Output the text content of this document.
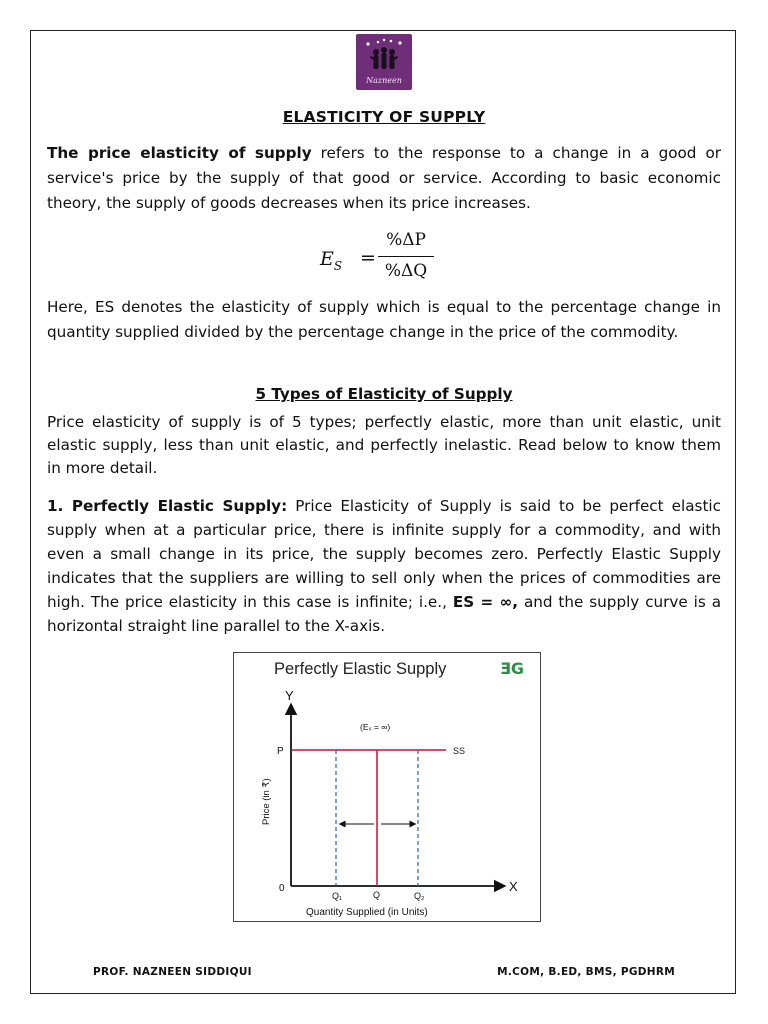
Nazneen
ELASTICITY OF SUPPLY

The price elasticity of supply refers to the response to a change in a good or service's price by the supply of that good or service. According to basic economic theory, the supply of goods decreases when its price increases.

$E_S$ =
%ΔP
%ΔQ

Here, ES denotes the elasticity of supply which is equal to the percentage change in quantity supplied divided by the percentage change in the price of the commodity.

5 Types of Elasticity of Supply

Price elasticity of supply is of 5 types; perfectly elastic, more than unit elastic, unit elastic supply, less than unit elastic, and perfectly inelastic. Read below to know them in more detail.

1. Perfectly Elastic Supply: Price Elasticity of Supply is said to be perfect elastic supply when at a particular price, there is infinite supply for a commodity, and with even a small change in its price, the supply becomes zero. Perfectly Elastic Supply indicates that the suppliers are willing to sell only when the prices of commodities are high. The price elasticity in this case is infinite; i.e., ES = ∞, and the supply curve is a horizontal straight line parallel to the X-axis.

Perfectly Elastic Supply	ƎG
Y
X
0
P	SS
(Eₛ = ∞)
Price (in ₹)
Q₁	Q	Q₂
Quantity Supplied (in Units)
PROF. NAZNEEN SIDDIQUI	M.COM, B.ED, BMS, PGDHRM
